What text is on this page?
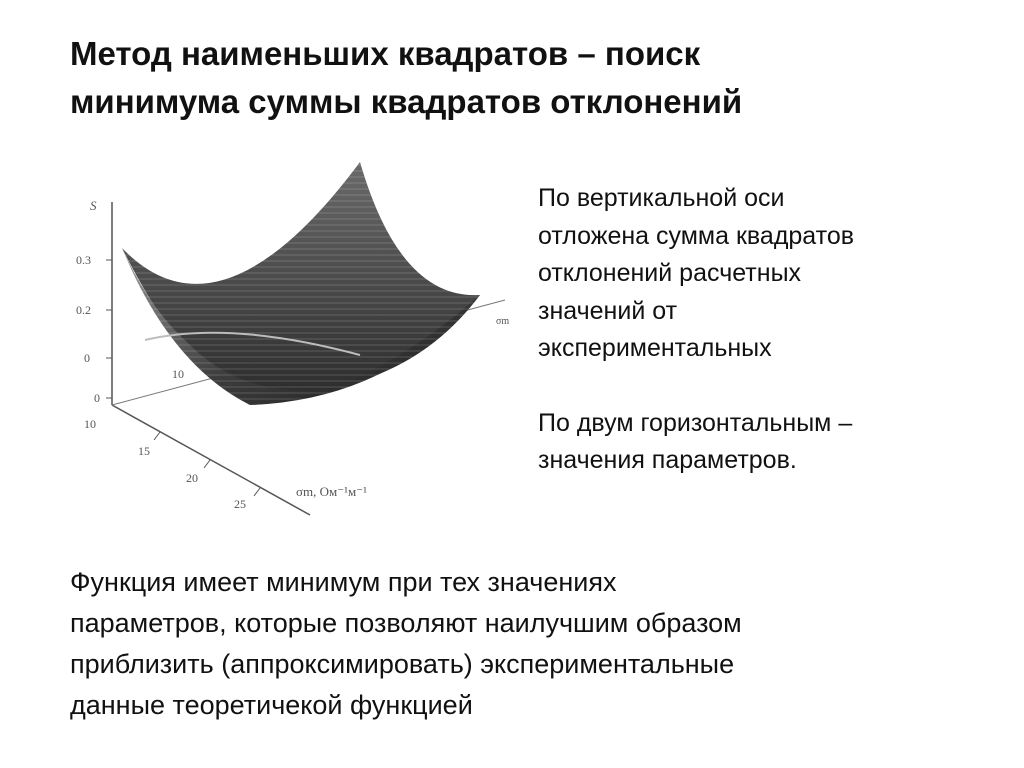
Метод наименьших квадратов – поиск
минимума суммы квадратов отклонений
S
0.3
0.2
0
0
10
10
15
20
25
σm, Ом⁻¹м⁻¹
σm

По вертикальной оси

отложена сумма квадратов

отклонений расчетных

значений от

экспериментальных

По двум горизонтальным –

значения параметров.

Функция имеет минимум при тех значениях

параметров, которые позволяют наилучшим образом

приблизить (аппроксимировать) экспериментальные

данные теоретичекой функцией
